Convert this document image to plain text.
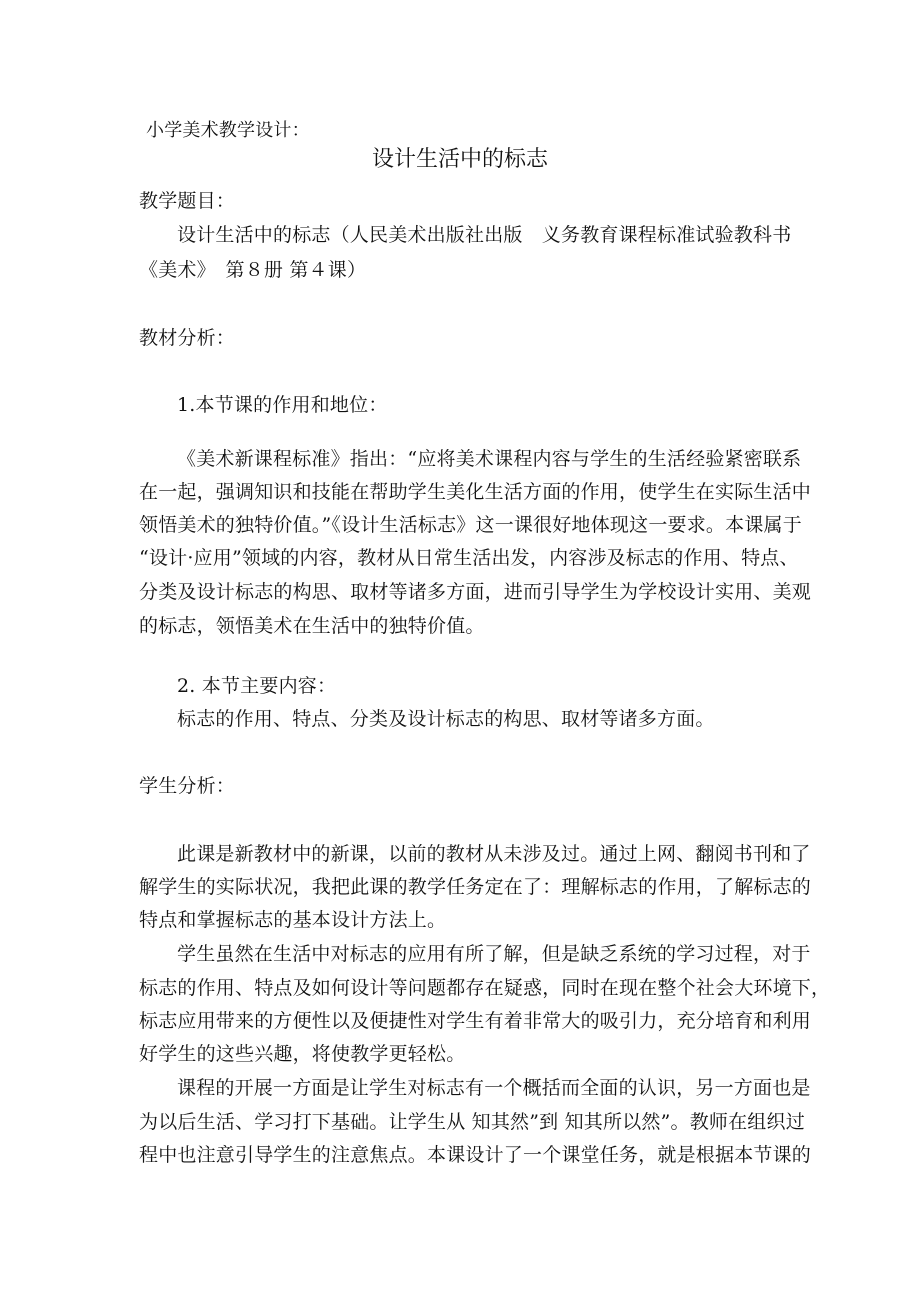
小学美术教学设计：
设计生活中的标志
教学题目：
设计生活中的标志（人民美术出版社出版　义务教育课程标准试验教科书
《美术》　第８册 第４课）
教材分析：
1.本节课的作用和地位：
《美术新课程标准》指出：“应将美术课程内容与学生的生活经验紧密联系
在一起，强调知识和技能在帮助学生美化生活方面的作用，使学生在实际生活中
领悟美术的独特价值。”《设计生活标志》这一课很好地体现这一要求。本课属于
“设计·应用”领域的内容，教材从日常生活出发，内容涉及标志的作用、特点、
分类及设计标志的构思、取材等诸多方面，进而引导学生为学校设计实用、美观
的标志，领悟美术在生活中的独特价值。
2. 本节主要内容：
标志的作用、特点、分类及设计标志的构思、取材等诸多方面。
学生分析：
此课是新教材中的新课，以前的教材从未涉及过。通过上网、翻阅书刊和了
解学生的实际状况，我把此课的教学任务定在了：理解标志的作用，了解标志的
特点和掌握标志的基本设计方法上。
学生虽然在生活中对标志的应用有所了解，但是缺乏系统的学习过程，对于
标志的作用、特点及如何设计等问题都存在疑惑，同时在现在整个社会大环境下，
标志应用带来的方便性以及便捷性对学生有着非常大的吸引力，充分培育和利用
好学生的这些兴趣，将使教学更轻松。
课程的开展一方面是让学生对标志有一个概括而全面的认识，另一方面也是
为以后生活、学习打下基础。让学生从 知其然”到 知其所以然”。教师在组织过
程中也注意引导学生的注意焦点。本课设计了一个课堂任务，就是根据本节课的
